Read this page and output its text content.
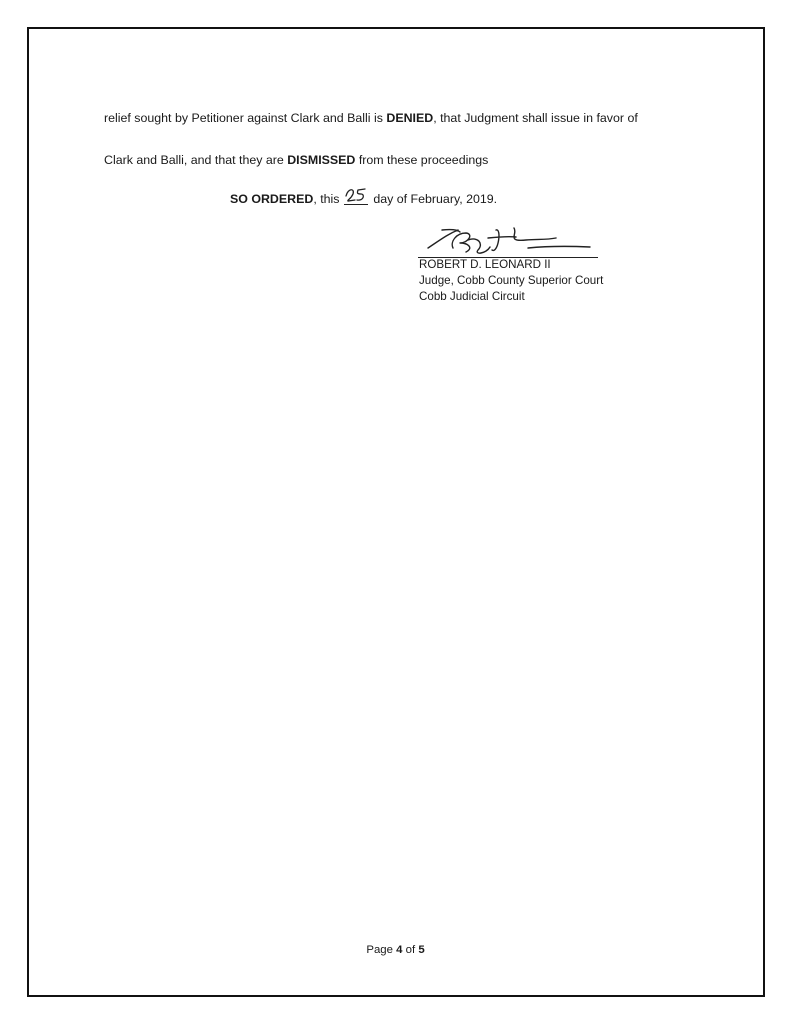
relief sought by Petitioner against Clark and Balli is DENIED, that Judgment shall issue in favor of
Clark and Balli, and that they are DISMISSED from these proceedings
SO ORDERED, this
day of February, 2019.
ROBERT D. LEONARD II
Judge, Cobb County Superior Court
Cobb Judicial Circuit
Page 4 of 5
